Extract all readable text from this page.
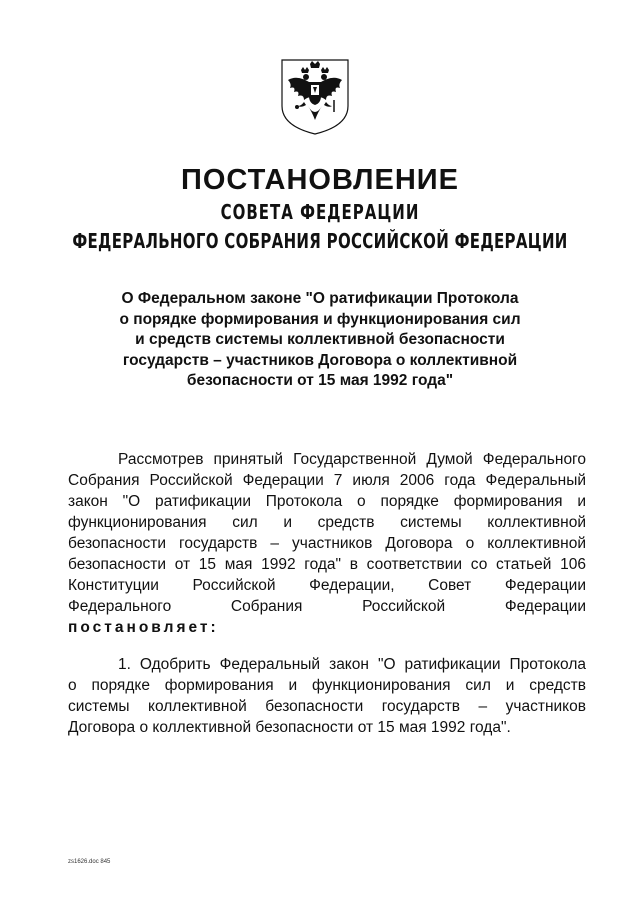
ПОСТАНОВЛЕНИЕ
СОВЕТА ФЕДЕРАЦИИ
ФЕДЕРАЛЬНОГО СОБРАНИЯ РОССИЙСКОЙ ФЕДЕРАЦИИ
О Федеральном законе "О ратификации Протокола
о порядке формирования и функционирования сил
и средств системы коллективной безопасности
государств – участников Договора о коллективной
безопасности от 15 мая 1992 года"
Рассмотрев принятый Государственной Думой Федерального
Собрания Российской Федерации 7 июля 2006 года Федеральный
закон "О ратификации Протокола о порядке формирования и
функционирования сил и средств системы коллективной
безопасности государств – участников Договора о коллективной
безопасности от 15 мая 1992 года" в соответствии со статьей 106
Конституции Российской Федерации, Совет Федерации
Федерального Собрания Российской Федерации
постановляет:
1. Одобрить Федеральный закон "О ратификации Протокола
о порядке формирования и функционирования сил и средств
системы коллективной безопасности государств – участников
Договора о коллективной безопасности от 15 мая 1992 года".
zs1626.doc 845
